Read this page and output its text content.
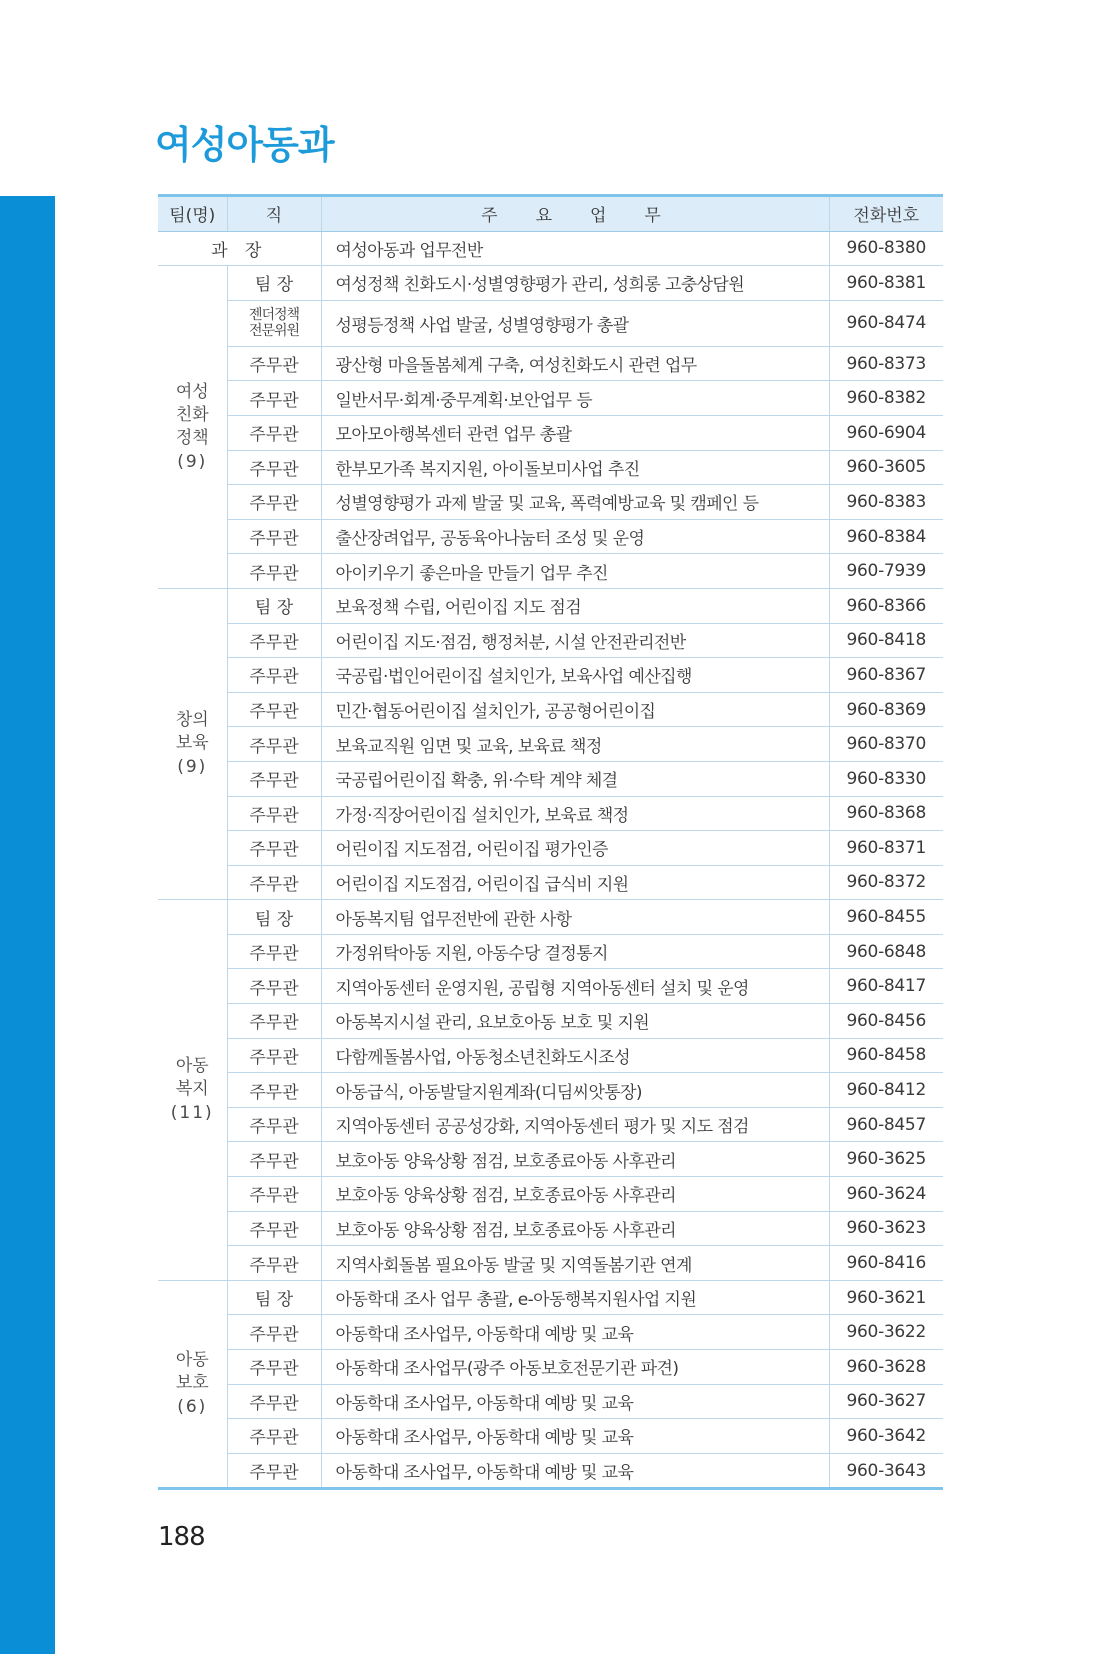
여성아동과
팀(명)	직	주요업무	전화번호
과 장		여성아동과 업무전반	960-8380

여성
친화
정책
(9)	팀 장	여성정책 친화도시·성별영향평가 관리, 성희롱 고충상담원	960-8381
	젠더정책
전문위원	성평등정책 사업 발굴, 성별영향평가 총괄	960-8474
	주무관	광산형 마을돌봄체계 구축, 여성친화도시 관련 업무	960-8373
	주무관	일반서무·회계·중무계획·보안업무 등	960-8382
	주무관	모아모아행복센터 관련 업무 총괄	960-6904
	주무관	한부모가족 복지지원, 아이돌보미사업 추진	960-3605
	주무관	성별영향평가 과제 발굴 및 교육, 폭력예방교육 및 캠페인 등	960-8383
	주무관	출산장려업무, 공동육아나눔터 조성 및 운영	960-8384
	주무관	아이키우기 좋은마을 만들기 업무 추진	960-7939

창의
보육
(9)	팀 장	보육정책 수립, 어린이집 지도 점검	960-8366
	주무관	어린이집 지도·점검, 행정처분, 시설 안전관리전반	960-8418
	주무관	국공립·법인어린이집 설치인가, 보육사업 예산집행	960-8367
	주무관	민간·협동어린이집 설치인가, 공공형어린이집	960-8369
	주무관	보육교직원 임면 및 교육, 보육료 책정	960-8370
	주무관	국공립어린이집 확충, 위·수탁 계약 체결	960-8330
	주무관	가정·직장어린이집 설치인가, 보육료 책정	960-8368
	주무관	어린이집 지도점검, 어린이집 평가인증	960-8371
	주무관	어린이집 지도점검, 어린이집 급식비 지원	960-8372

아동
복지
(11)	팀 장	아동복지팀 업무전반에 관한 사항	960-8455
	주무관	가정위탁아동 지원, 아동수당 결정통지	960-6848
	주무관	지역아동센터 운영지원, 공립형 지역아동센터 설치 및 운영	960-8417
	주무관	아동복지시설 관리, 요보호아동 보호 및 지원	960-8456
	주무관	다함께돌봄사업, 아동청소년친화도시조성	960-8458
	주무관	아동급식, 아동발달지원계좌(디딤씨앗통장)	960-8412
	주무관	지역아동센터 공공성강화, 지역아동센터 평가 및 지도 점검	960-8457
	주무관	보호아동 양육상황 점검, 보호종료아동 사후관리	960-3625
	주무관	보호아동 양육상황 점검, 보호종료아동 사후관리	960-3624
	주무관	보호아동 양육상황 점검, 보호종료아동 사후관리	960-3623
	주무관	지역사회돌봄 필요아동 발굴 및 지역돌봄기관 연계	960-8416

아동
보호
(6)	팀 장	아동학대 조사 업무 총괄, e-아동행복지원사업 지원	960-3621
	주무관	아동학대 조사업무, 아동학대 예방 및 교육	960-3622
	주무관	아동학대 조사업무(광주 아동보호전문기관 파견)	960-3628
	주무관	아동학대 조사업무, 아동학대 예방 및 교육	960-3627
	주무관	아동학대 조사업무, 아동학대 예방 및 교육	960-3642
	주무관	아동학대 조사업무, 아동학대 예방 및 교육	960-3643
188
